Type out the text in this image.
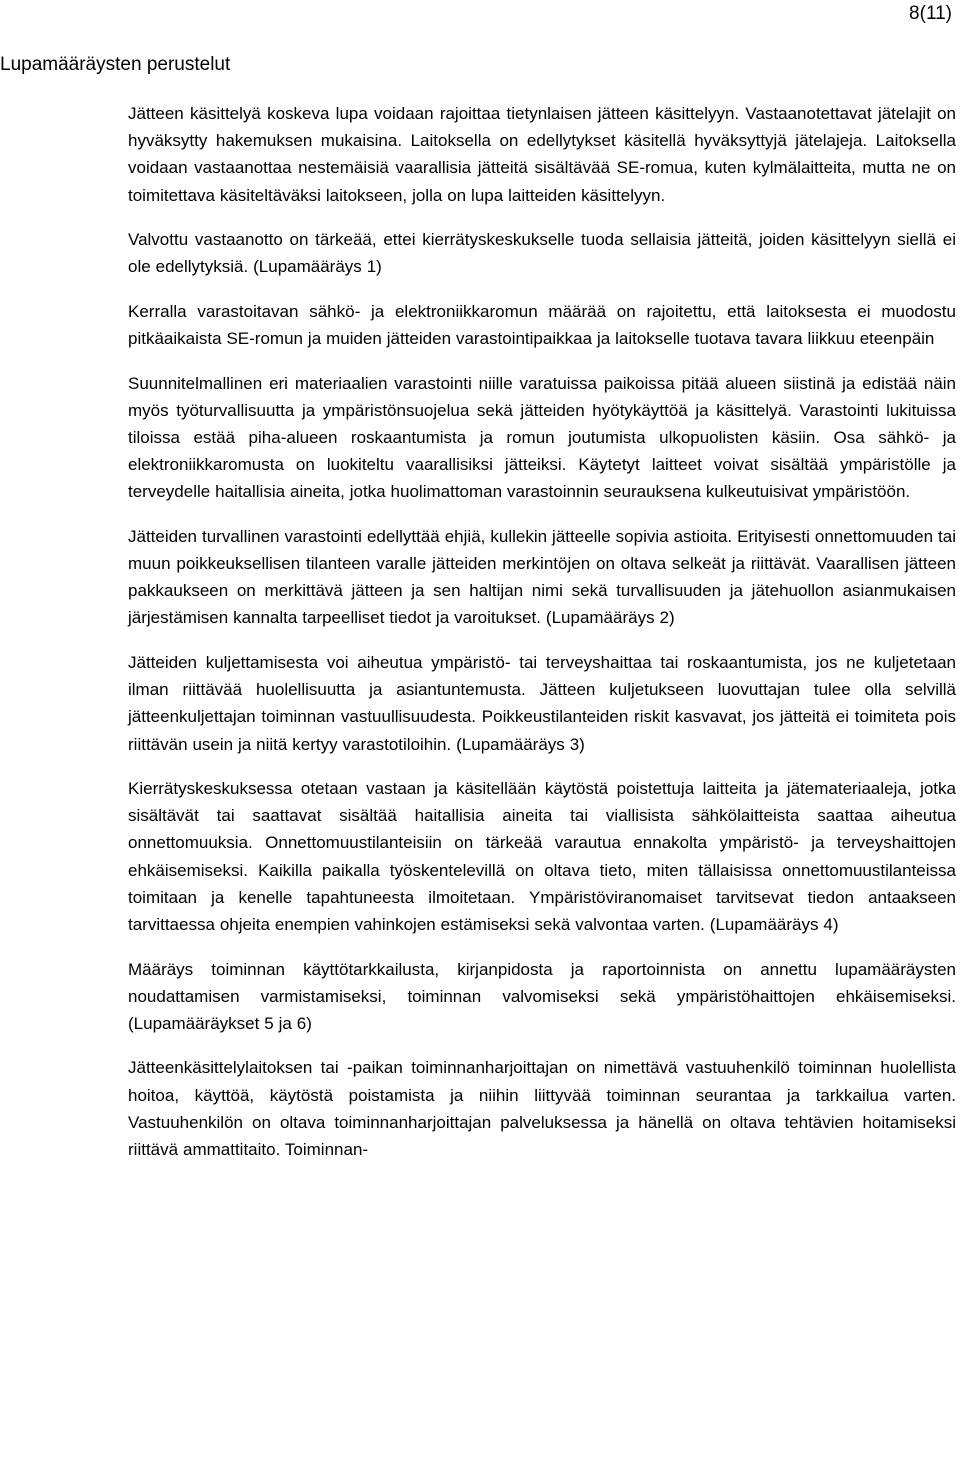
8(11)
Lupamääräysten perustelut

Jätteen käsittelyä koskeva lupa voidaan rajoittaa tietynlaisen jätteen käsittelyyn. Vastaanotettavat jätelajit on hyväksytty hakemuksen mukaisina. Laitoksella on edellytykset käsitellä hyväksyttyjä jätelajeja. Laitoksella voidaan vastaanottaa nestemäisiä vaarallisia jätteitä sisältävää SE-romua, kuten kylmälaitteita, mutta ne on toimitettava käsiteltäväksi laitokseen, jolla on lupa laitteiden käsittelyyn.

Valvottu vastaanotto on tärkeää, ettei kierrätyskeskukselle tuoda sellaisia jätteitä, joiden käsittelyyn siellä ei ole edellytyksiä. (Lupamääräys 1)

Kerralla varastoitavan sähkö- ja elektroniikkaromun määrää on rajoitettu, että laitoksesta ei muodostu pitkäaikaista SE-romun ja muiden jätteiden varastointipaikkaa ja laitokselle tuotava tavara liikkuu eteenpäin

Suunnitelmallinen eri materiaalien varastointi niille varatuissa paikoissa pitää alueen siistinä ja edistää näin myös työturvallisuutta ja ympäristönsuojelua sekä jätteiden hyötykäyttöä ja käsittelyä. Varastointi lukituissa tiloissa estää piha-alueen roskaantumista ja romun joutumista ulkopuolisten käsiin. Osa sähkö- ja elektroniikkaromusta on luokiteltu vaarallisiksi jätteiksi. Käytetyt laitteet voivat sisältää ympäristölle ja terveydelle haitallisia aineita, jotka huolimattoman varastoinnin seurauksena kulkeutuisivat ympäristöön.

Jätteiden turvallinen varastointi edellyttää ehjiä, kullekin jätteelle sopivia astioita. Erityisesti onnettomuuden tai muun poikkeuksellisen tilanteen varalle jätteiden merkintöjen on oltava selkeät ja riittävät. Vaarallisen jätteen pakkaukseen on merkittävä jätteen ja sen haltijan nimi sekä turvallisuuden ja jätehuollon asianmukaisen järjestämisen kannalta tarpeelliset tiedot ja varoitukset. (Lupamääräys 2)

Jätteiden kuljettamisesta voi aiheutua ympäristö- tai terveyshaittaa tai roskaantumista, jos ne kuljetetaan ilman riittävää huolellisuutta ja asiantuntemusta. Jätteen kuljetukseen luovuttajan tulee olla selvillä jätteenkuljettajan toiminnan vastuullisuudesta. Poikkeustilanteiden riskit kasvavat, jos jätteitä ei toimiteta pois riittävän usein ja niitä kertyy varastotiloihin. (Lupamääräys 3)

Kierrätyskeskuksessa otetaan vastaan ja käsitellään käytöstä poistettuja laitteita ja jätemateriaaleja, jotka sisältävät tai saattavat sisältää haitallisia aineita tai viallisista sähkölaitteista saattaa aiheutua onnettomuuksia. Onnettomuustilanteisiin on tärkeää varautua ennakolta ympäristö- ja terveyshaittojen ehkäisemiseksi. Kaikilla paikalla työskentelevillä on oltava tieto, miten tällaisissa onnettomuustilanteissa toimitaan ja kenelle tapahtuneesta ilmoitetaan. Ympäristöviranomaiset tarvitsevat tiedon antaakseen tarvittaessa ohjeita enempien vahinkojen estämiseksi sekä valvontaa varten. (Lupamääräys 4)

Määräys toiminnan käyttötarkkailusta, kirjanpidosta ja raportoinnista on annettu lupamääräysten noudattamisen varmistamiseksi, toiminnan valvomiseksi sekä ympäristöhaittojen ehkäisemiseksi. (Lupamääräykset 5 ja 6)

Jätteenkäsittelylaitoksen tai -paikan toiminnanharjoittajan on nimettävä vastuuhenkilö toiminnan huolellista hoitoa, käyttöä, käytöstä poistamista ja niihin liittyvää toiminnan seurantaa ja tarkkailua varten. Vastuuhenkilön on oltava toiminnanharjoittajan palveluksessa ja hänellä on oltava tehtävien hoitamiseksi riittävä ammattitaito. Toiminnan-
